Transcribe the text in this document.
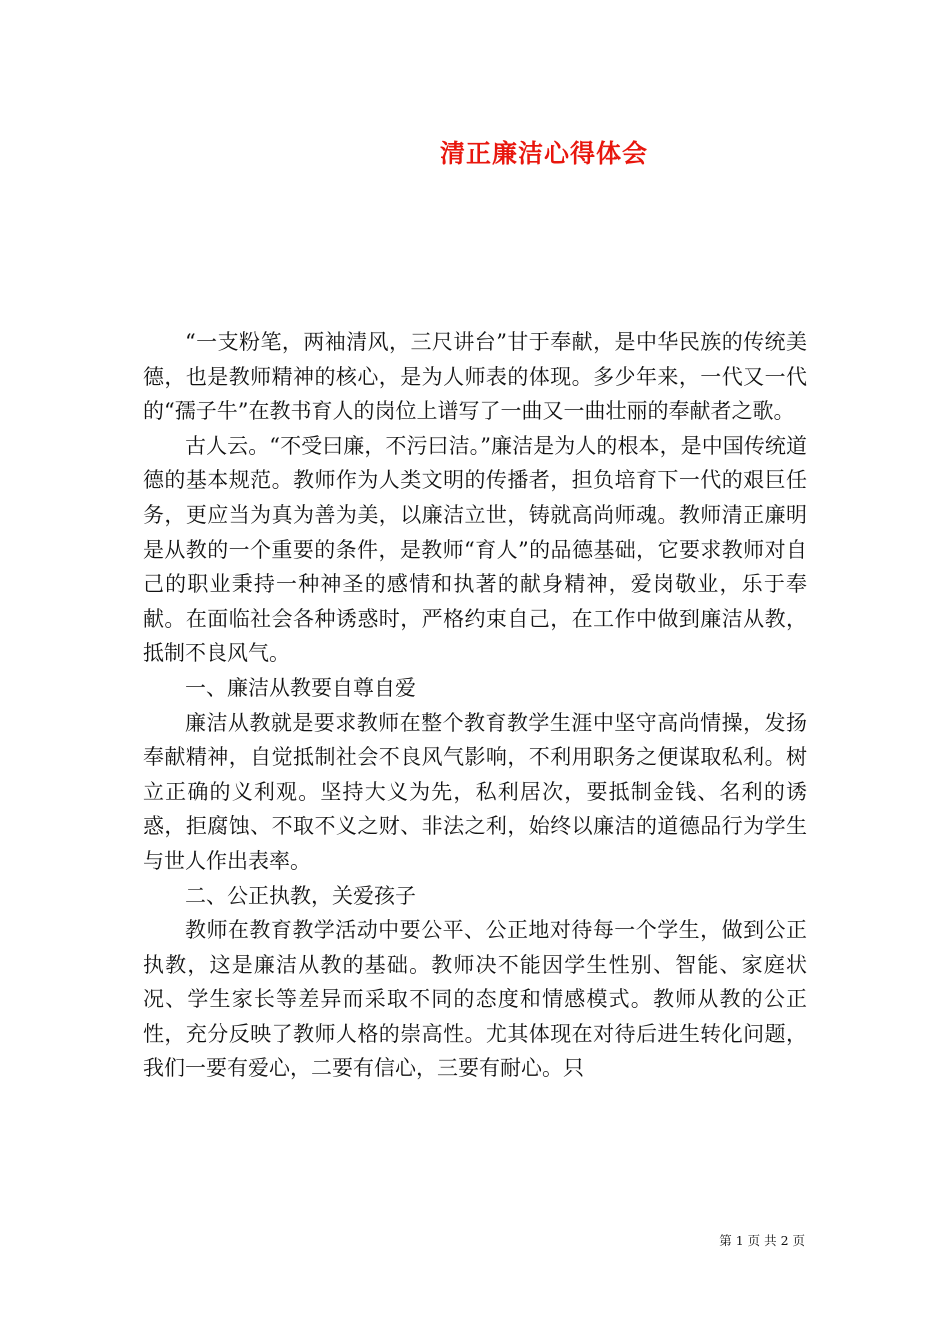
清正廉洁心得体会

“一支粉笔，两袖清风，三尺讲台”甘于奉献，是中华民族的传统美德，也是教师精神的核心，是为人师表的体现。多少年来，一代又一代的“孺子牛”在教书育人的岗位上谱写了一曲又一曲壮丽的奉献者之歌。

古人云。“不受曰廉，不污曰洁。”廉洁是为人的根本，是中国传统道德的基本规范。教师作为人类文明的传播者，担负培育下一代的艰巨任务，更应当为真为善为美，以廉洁立世，铸就高尚师魂。教师清正廉明是从教的一个重要的条件，是教师“育人”的品德基础，它要求教师对自己的职业秉持一种神圣的感情和执著的献身精神，爱岗敬业，乐于奉献。在面临社会各种诱惑时，严格约束自己，在工作中做到廉洁从教，抵制不良风气。

一、廉洁从教要自尊自爱

廉洁从教就是要求教师在整个教育教学生涯中坚守高尚情操，发扬奉献精神，自觉抵制社会不良风气影响，不利用职务之便谋取私利。树立正确的义利观。坚持大义为先，私利居次，要抵制金钱、名利的诱惑，拒腐蚀、不取不义之财、非法之利，始终以廉洁的道德品行为学生与世人作出表率。

二、公正执教，关爱孩子

教师在教育教学活动中要公平、公正地对待每一个学生，做到公正执教，这是廉洁从教的基础。教师决不能因学生性别、智能、家庭状况、学生家长等差异而采取不同的态度和情感模式。教师从教的公正性，充分反映了教师人格的崇高性。尤其体现在对待后进生转化问题，我们一要有爱心，二要有信心，三要有耐心。只

第 1 页 共 2 页
